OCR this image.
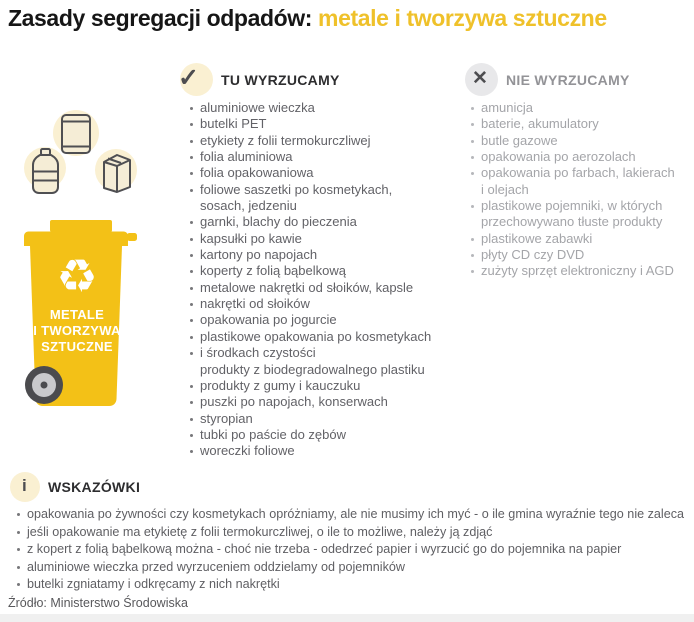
Zasady segregacji odpadów: metale i tworzywa sztuczne
♻
METALE
I TWORZYWA
SZTUCZNE
✓ TU WYRZUCAMY
aluminiowe wieczka
butelki PET
etykiety z folii termokurczliwej
folia aluminiowa
folia opakowaniowa
foliowe saszetki po kosmetykach,
sosach, jedzeniu
garnki, blachy do pieczenia
kapsułki po kawie
kartony po napojach
koperty z folią bąbelkową
metalowe nakrętki od słoików, kapsle
nakrętki od słoików
opakowania po jogurcie
plastikowe opakowania po kosmetykach
i środkach czystości
produkty z biodegradowalnego plastiku
produkty z gumy i kauczuku
puszki po napojach, konserwach
styropian
tubki po paście do zębów
woreczki foliowe
✕ NIE WYRZUCAMY
amunicja
baterie, akumulatory
butle gazowe
opakowania po aerozolach
opakowania po farbach, lakierach
i olejach
plastikowe pojemniki, w których
przechowywano tłuste produkty
plastikowe zabawki
płyty CD czy DVD
zużyty sprzęt elektroniczny i AGD
i WSKAZÓWKI
opakowania po żywności czy kosmetykach opróżniamy, ale nie musimy ich myć - o ile gmina wyraźnie tego nie zaleca
jeśli opakowanie ma etykietę z folii termokurczliwej, o ile to możliwe, należy ją zdjąć
z kopert z folią bąbelkową można - choć nie trzeba - odedrzeć papier i wyrzucić go do pojemnika na papier
aluminiowe wieczka przed wyrzuceniem oddzielamy od pojemników
butelki zgniatamy i odkręcamy z nich nakrętki
Źródło: Ministerstwo Środowiska
